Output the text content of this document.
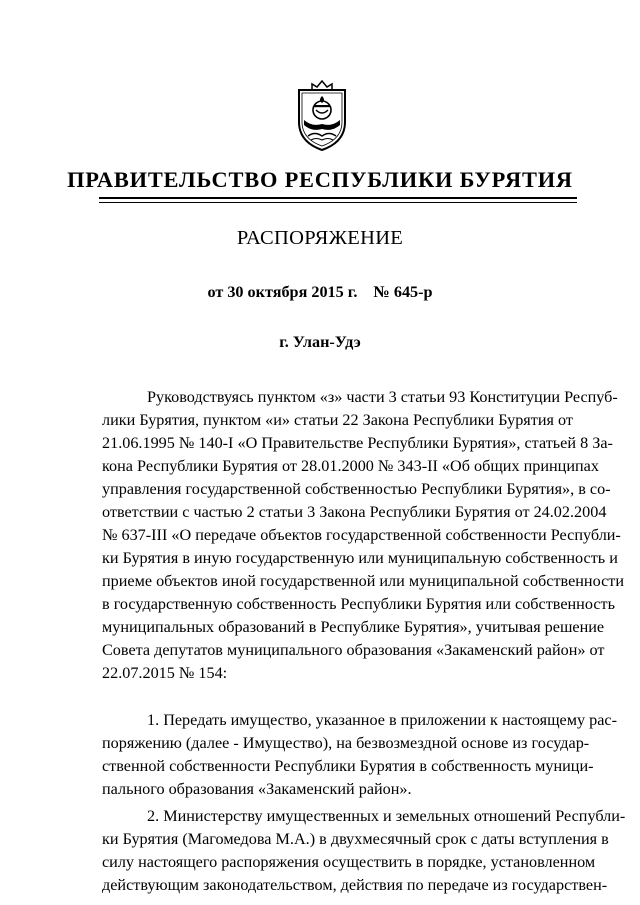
ПРАВИТЕЛЬСТВО РЕСПУБЛИКИ БУРЯТИЯ
РАСПОРЯЖЕНИЕ
от 30 октября 2015 г.    № 645-р
г. Улан-Удэ
Руководствуясь пунктом «з» части 3 статьи 93 Конституции Респуб-
лики Бурятия, пунктом «и» статьи 22 Закона Республики Бурятия от
21.06.1995 № 140-I «О Правительстве Республики Бурятия», статьей 8 За-
кона Республики Бурятия от 28.01.2000 № 343-II «Об общих принципах
управления государственной собственностью Республики Бурятия», в со-
ответствии с частью 2 статьи 3 Закона Республики Бурятия от 24.02.2004
№ 637-III «О передаче объектов государственной собственности Республи-
ки Бурятия в иную государственную или муниципальную собственность и
приеме объектов иной государственной или муниципальной собственности
в государственную собственность Республики Бурятия или собственность
муниципальных образований в Республике Бурятия», учитывая решение
Совета депутатов муниципального образования «Закаменский район» от
22.07.2015 № 154:
1. Передать имущество, указанное в приложении к настоящему рас-
поряжению (далее - Имущество), на безвозмездной основе из государ-
ственной собственности Республики Бурятия в собственность муници-
пального образования «Закаменский район».
2. Министерству имущественных и земельных отношений Республи-
ки Бурятия (Магомедова М.А.) в двухмесячный срок с даты вступления в
силу настоящего распоряжения осуществить в порядке, установленном
действующим законодательством, действия по передаче из государствен-
